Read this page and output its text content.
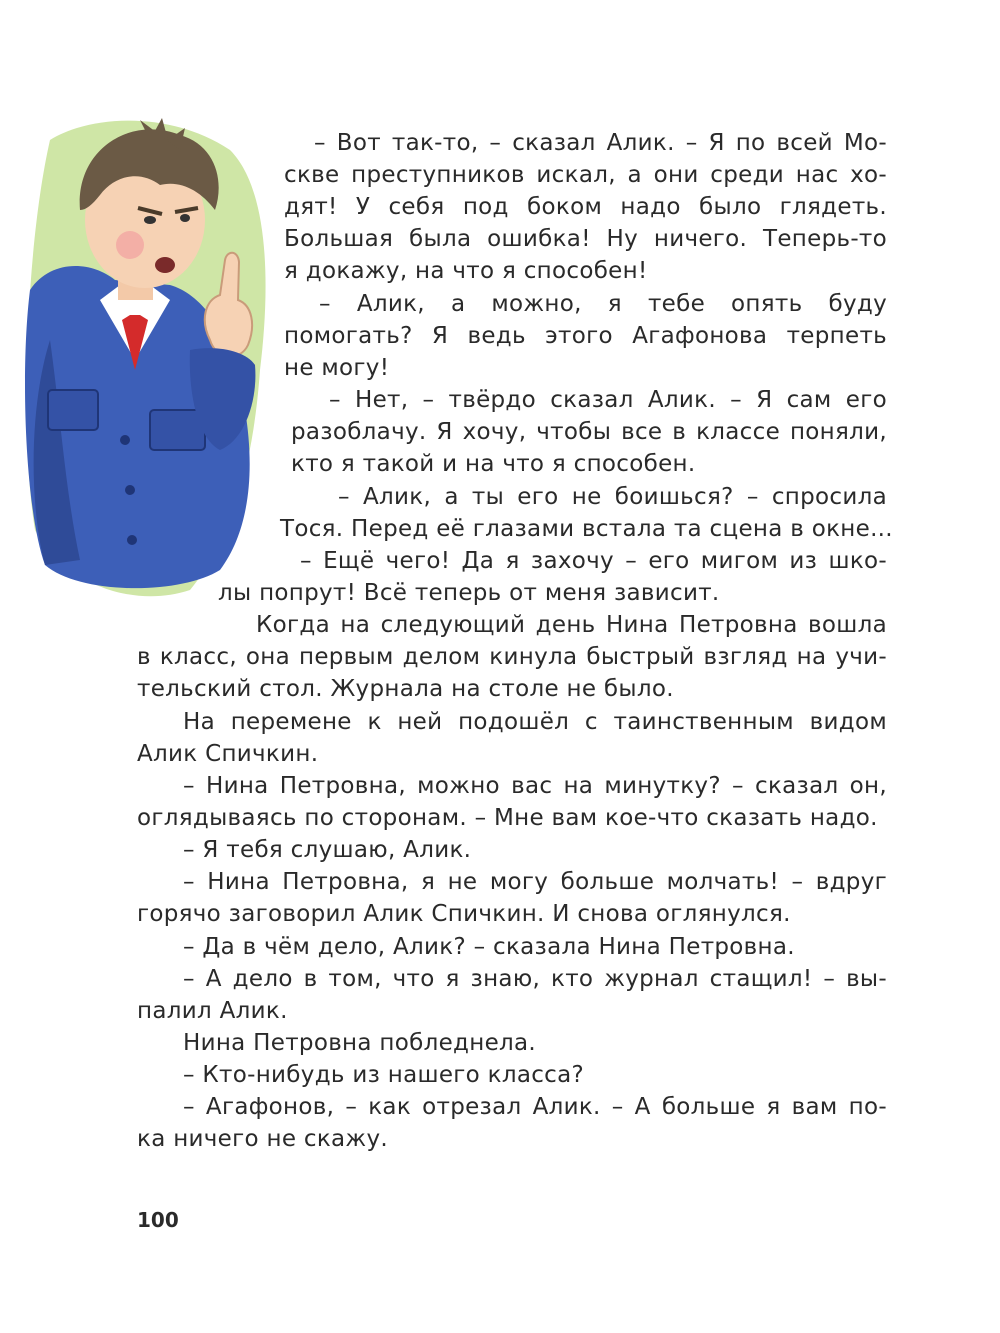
– Вот так-то, – сказал Алик. – Я по всей Мо-
скве преступников искал, а они среди нас хо-
дят! У себя под боком надо было глядеть.
Большая была ошибка! Ну ничего. Теперь-то
я докажу, на что я способен!
– Алик, а можно, я тебе опять буду
помогать? Я ведь этого Агафонова терпеть
не могу!
– Нет, – твёрдо сказал Алик. – Я сам его
разоблачу. Я хочу, чтобы все в классе поняли,
кто я такой и на что я способен.
– Алик, а ты его не боишься? – спросила
Тося. Перед её глазами встала та сцена в окне...
– Ещё чего! Да я захочу – его мигом из шко-
лы попрут! Всё теперь от меня зависит.
Когда на следующий день Нина Петровна вошла
в класс, она первым делом кинула быстрый взгляд на учи-
тельский стол. Журнала на столе не было.
На перемене к ней подошёл с таинственным видом
Алик Спичкин.
– Нина Петровна, можно вас на минутку? – сказал он,
оглядываясь по сторонам. – Мне вам кое-что сказать надо.
– Я тебя слушаю, Алик.
– Нина Петровна, я не могу больше молчать! – вдруг
горячо заговорил Алик Спичкин. И снова оглянулся.
– Да в чём дело, Алик? – сказала Нина Петровна.
– А дело в том, что я знаю, кто журнал стащил! – вы-
палил Алик.
Нина Петровна побледнела.
– Кто-нибудь из нашего класса?
– Агафонов, – как отрезал Алик. – А больше я вам по-
ка ничего не скажу.
100
